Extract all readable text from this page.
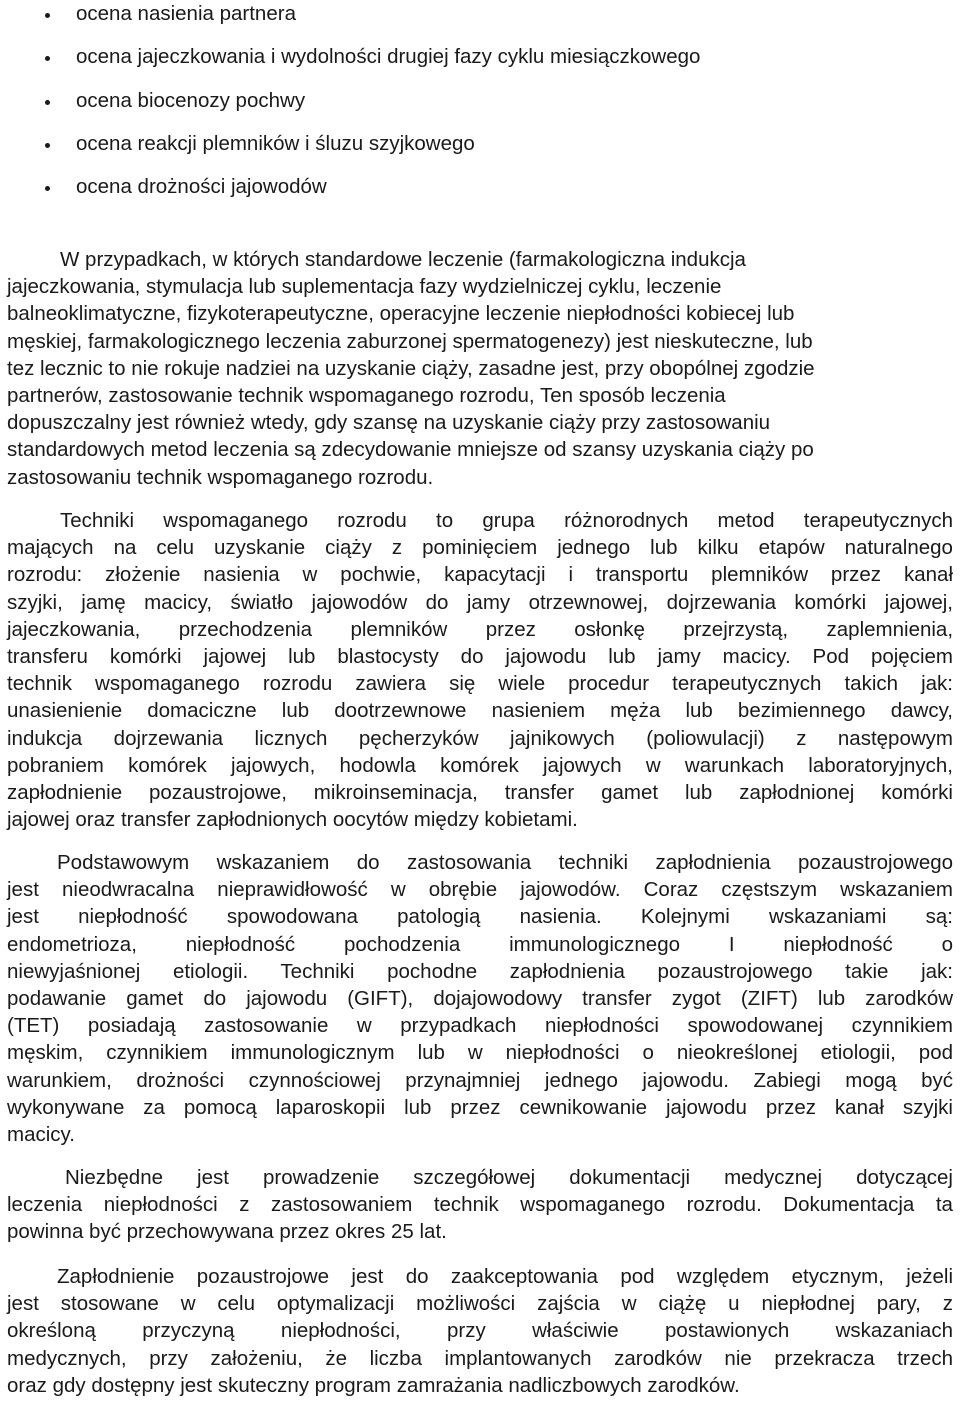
ocena nasienia partnera
ocena jajeczkowania i wydolności drugiej fazy cyklu miesiączkowego
ocena biocenozy pochwy
ocena reakcji plemników i śluzu szyjkowego
ocena drożności jajowodów
W przypadkach, w których standardowe leczenie (farmakologiczna indukcja
jajeczkowania, stymulacja lub suplementacja fazy wydzielniczej cyklu, leczenie
balneoklimatyczne, fizykoterapeutyczne, operacyjne leczenie niepłodności kobiecej lub
męskiej, farmakologicznego leczenia zaburzonej spermatogenezy) jest nieskuteczne, lub
tez lecznic to nie rokuje nadziei na uzyskanie ciąży, zasadne jest, przy obopólnej zgodzie
partnerów, zastosowanie technik wspomaganego rozrodu, Ten sposób leczenia
dopuszczalny jest również wtedy, gdy szansę na uzyskanie ciąży przy zastosowaniu
standardowych metod leczenia są zdecydowanie mniejsze od szansy uzyskania ciąży po
zastosowaniu technik wspomaganego rozrodu.
Techniki wspomaganego rozrodu to grupa różnorodnych metod terapeutycznych
mających na celu uzyskanie ciąży z pominięciem jednego lub kilku etapów naturalnego
rozrodu: złożenie nasienia w pochwie, kapacytacji i transportu plemników przez kanał
szyjki, jamę macicy, światło jajowodów do jamy otrzewnowej, dojrzewania komórki jajowej,
jajeczkowania, przechodzenia plemników przez osłonkę przejrzystą, zaplemnienia,
transferu komórki jajowej lub blastocysty do jajowodu lub jamy macicy. Pod pojęciem
technik wspomaganego rozrodu zawiera się wiele procedur terapeutycznych takich jak:
unasienienie domaciczne lub dootrzewnowe nasieniem męża lub bezimiennego dawcy,
indukcja dojrzewania licznych pęcherzyków jajnikowych (poliowulacji) z następowym
pobraniem komórek jajowych, hodowla komórek jajowych w warunkach laboratoryjnych,
zapłodnienie pozaustrojowe, mikroinseminacja, transfer gamet lub zapłodnionej komórki
jajowej oraz transfer zapłodnionych oocytów między kobietami.
Podstawowym wskazaniem do zastosowania techniki zapłodnienia pozaustrojowego
jest nieodwracalna nieprawidłowość w obrębie jajowodów. Coraz częstszym wskazaniem
jest niepłodność spowodowana patologią nasienia. Kolejnymi wskazaniami są:
endometrioza, niepłodność pochodzenia immunologicznego I niepłodność o
niewyjaśnionej etiologii. Techniki pochodne zapłodnienia pozaustrojowego takie jak:
podawanie gamet do jajowodu (GIFT), dojajowodowy transfer zygot (ZIFT) lub zarodków
(TET) posiadają zastosowanie w przypadkach niepłodności spowodowanej czynnikiem
męskim, czynnikiem immunologicznym lub w niepłodności o nieokreślonej etiologii, pod
warunkiem, drożności czynnościowej przynajmniej jednego jajowodu. Zabiegi mogą być
wykonywane za pomocą laparoskopii lub przez cewnikowanie jajowodu przez kanał szyjki
macicy.
Niezbędne jest prowadzenie szczegółowej dokumentacji medycznej dotyczącej
leczenia niepłodności z zastosowaniem technik wspomaganego rozrodu. Dokumentacja ta
powinna być przechowywana przez okres 25 lat.
Zapłodnienie pozaustrojowe jest do zaakceptowania pod względem etycznym, jeżeli
jest stosowane w celu optymalizacji możliwości zajścia w ciążę u niepłodnej pary, z
określoną przyczyną niepłodności, przy właściwie postawionych wskazaniach
medycznych, przy założeniu, że liczba implantowanych zarodków nie przekracza trzech
oraz gdy dostępny jest skuteczny program zamrażania nadliczbowych zarodków.
